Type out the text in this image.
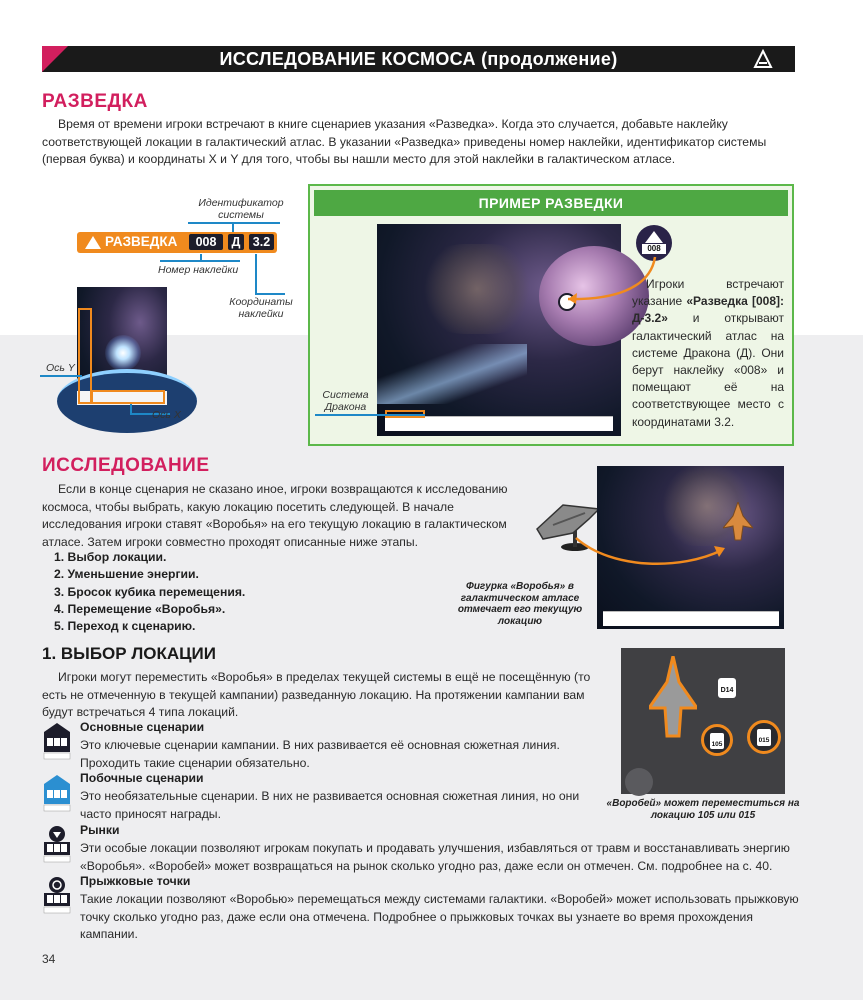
ИССЛЕДОВАНИЕ КОСМОСА (продолжение)
РАЗВЕДКА

Время от времени игроки встречают в книге сценариев указания «Разведка». Когда это случается, добавьте наклейку соответствующей локации в галактический атлас. В указании «Разведка» приведены номер наклейки, идентификатор системы (первая буква) и координаты X и Y для того, чтобы вы нашли место для этой наклейки в галактическом атласе.

Идентификатор системы
РАЗВЕДКА	008	Д 3.2
Номер наклейки
Координаты наклейки
Ось Y
Ось X
ПРИМЕР РАЗВЕДКИ
008
Система Дракона
Игроки встречают указание «Разведка [008]: Д-3.2» и открывают галактический атлас на системе Дракона (Д). Они берут наклейку «008» и помещают её на соответствующее место с координатами 3.2.
ИССЛЕДОВАНИЕ

Если в конце сценария не сказано иное, игроки возвращаются к исследованию космоса, чтобы выбрать, какую локацию посетить следующей. В начале исследования игроки ставят «Воробья» на его текущую локацию в галактическом атласе. Затем игроки совместно проходят описанные ниже этапы.

1. Выбор локации.
2. Уменьшение энергии.
3. Бросок кубика перемещения.
4. Перемещение «Воробья».
5. Переход к сценарию.
Фигурка «Воробья» в галактическом атласе отмечает его текущую локацию
1. ВЫБОР ЛОКАЦИИ

Игроки могут переместить «Воробья» в пределах текущей системы в ещё не посещённую (то есть не отмеченную в текущей кампании) разведанную локацию. На протяжении кампании вам будут встречаться 4 типа локаций.

D14
105
015
«Воробей» может переместиться на локацию 105 или 015
Основные сценарии
Это ключевые сценарии кампании. В них развивается её основная сюжетная линия. Проходить такие сценарии обязательно.
Побочные сценарии
Это необязательные сценарии. В них не развивается основная сюжетная линия, но они часто приносят награды.
Рынки
Эти особые локации позволяют игрокам покупать и продавать улучшения, избавляться от травм и восстанавливать энергию «Воробья». «Воробей» может возвращаться на рынок сколько угодно раз, даже если он отмечен. См. подробнее на с. 40.
Прыжковые точки
Такие локации позволяют «Воробью» перемещаться между системами галактики. «Воробей» может использовать прыжковую точку сколько угодно раз, даже если она отмечена. Подробнее о прыжковых точках вы узнаете во время прохождения кампании.
34
